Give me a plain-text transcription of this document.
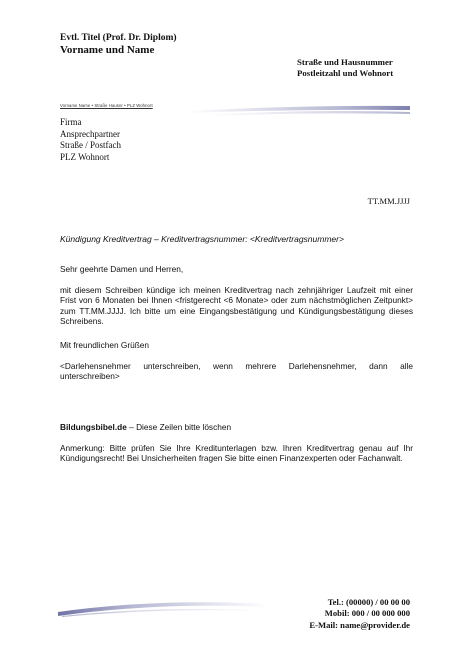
Evtl. Titel (Prof. Dr. Diplom)
Vorname und Name
Straße und Hausnummer
Postleitzahl und Wohnort
Vorname Name • Straße Hausnr • PLZ Wohnort
Firma
Ansprechpartner
Straße / Postfach
PLZ Wohnort
TT.MM.JJJJ
Kündigung Kreditvertrag – Kreditvertragsnummer: <Kreditvertragsnummer>
Sehr geehrte Damen und Herren,
mit diesem Schreiben kündige ich meinen Kreditvertrag nach zehnjähriger Laufzeit mit einer Frist von 6 Monaten bei Ihnen <fristgerecht <6 Monate> oder zum nächstmöglichen Zeitpunkt> zum TT.MM.JJJJ. Ich bitte um eine Eingangsbestätigung und Kündigungsbestätigung dieses Schreibens.
Mit freundlichen Grüßen
<Darlehensnehmer unterschreiben, wenn mehrere Darlehensnehmer, dann alle unterschreiben>
Bildungsbibel.de – Diese Zeilen bitte löschen
Anmerkung: Bitte prüfen Sie Ihre Kreditunterlagen bzw. Ihren Kreditvertrag genau auf Ihr Kündigungsrecht! Bei Unsicherheiten fragen Sie bitte einen Finanzexperten oder Fachanwalt.
Tel.: (00000) / 00 00 00
Mobil: 000 / 00 000 000
E-Mail: name@provider.de
